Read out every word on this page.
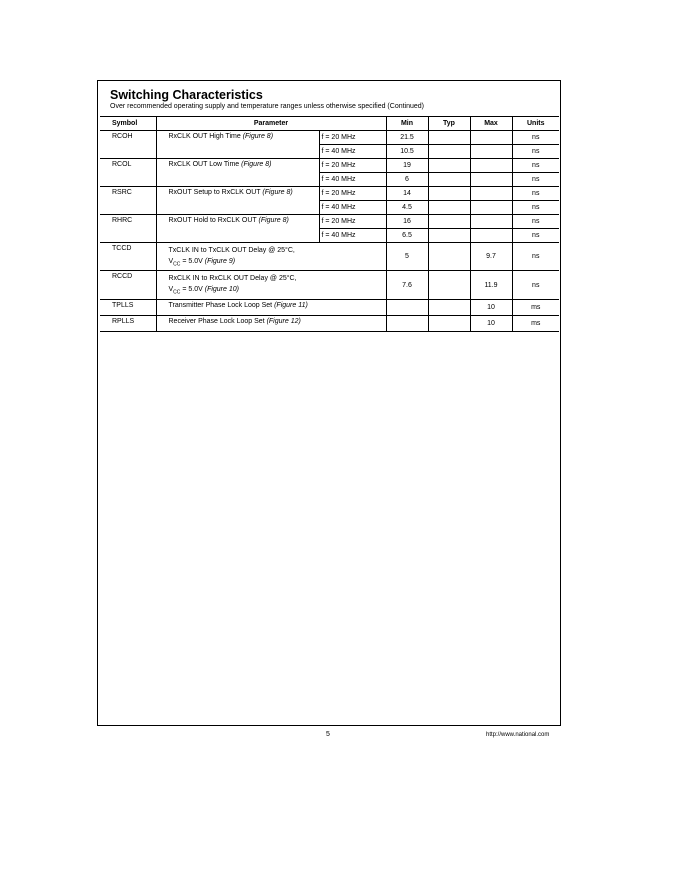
Switching Characteristics
Over recommended operating supply and temperature ranges unless otherwise specified (Continued)
Symbol	Parameter		Min	Typ	Max	Units
RCOH	RxCLK OUT High Time (Figure 8)	f = 20 MHz	21.5			ns
		f = 40 MHz	10.5			ns
RCOL	RxCLK OUT Low Time (Figure 8)	f = 20 MHz	19			ns
		f = 40 MHz	6			ns
RSRC	RxOUT Setup to RxCLK OUT (Figure 8)	f = 20 MHz	14			ns
		f = 40 MHz	4.5			ns
RHRC	RxOUT Hold to RxCLK OUT (Figure 8)	f = 20 MHz	16			ns
		f = 40 MHz	6.5			ns
TCCD	TxCLK IN to TxCLK OUT Delay @ 25°C,
$V_{CC} = 5.0V$ (Figure 9)		5		9.7	ns
RCCD	RxCLK IN to RxCLK OUT Delay @ 25°C,
$V_{CC} = 5.0V$ (Figure 10)		7.6		11.9	ns
TPLLS	Transmitter Phase Lock Loop Set (Figure 11)				10	ms
RPLLS	Receiver Phase Lock Loop Set (Figure 12)				10	ms
5	http://www.national.com
